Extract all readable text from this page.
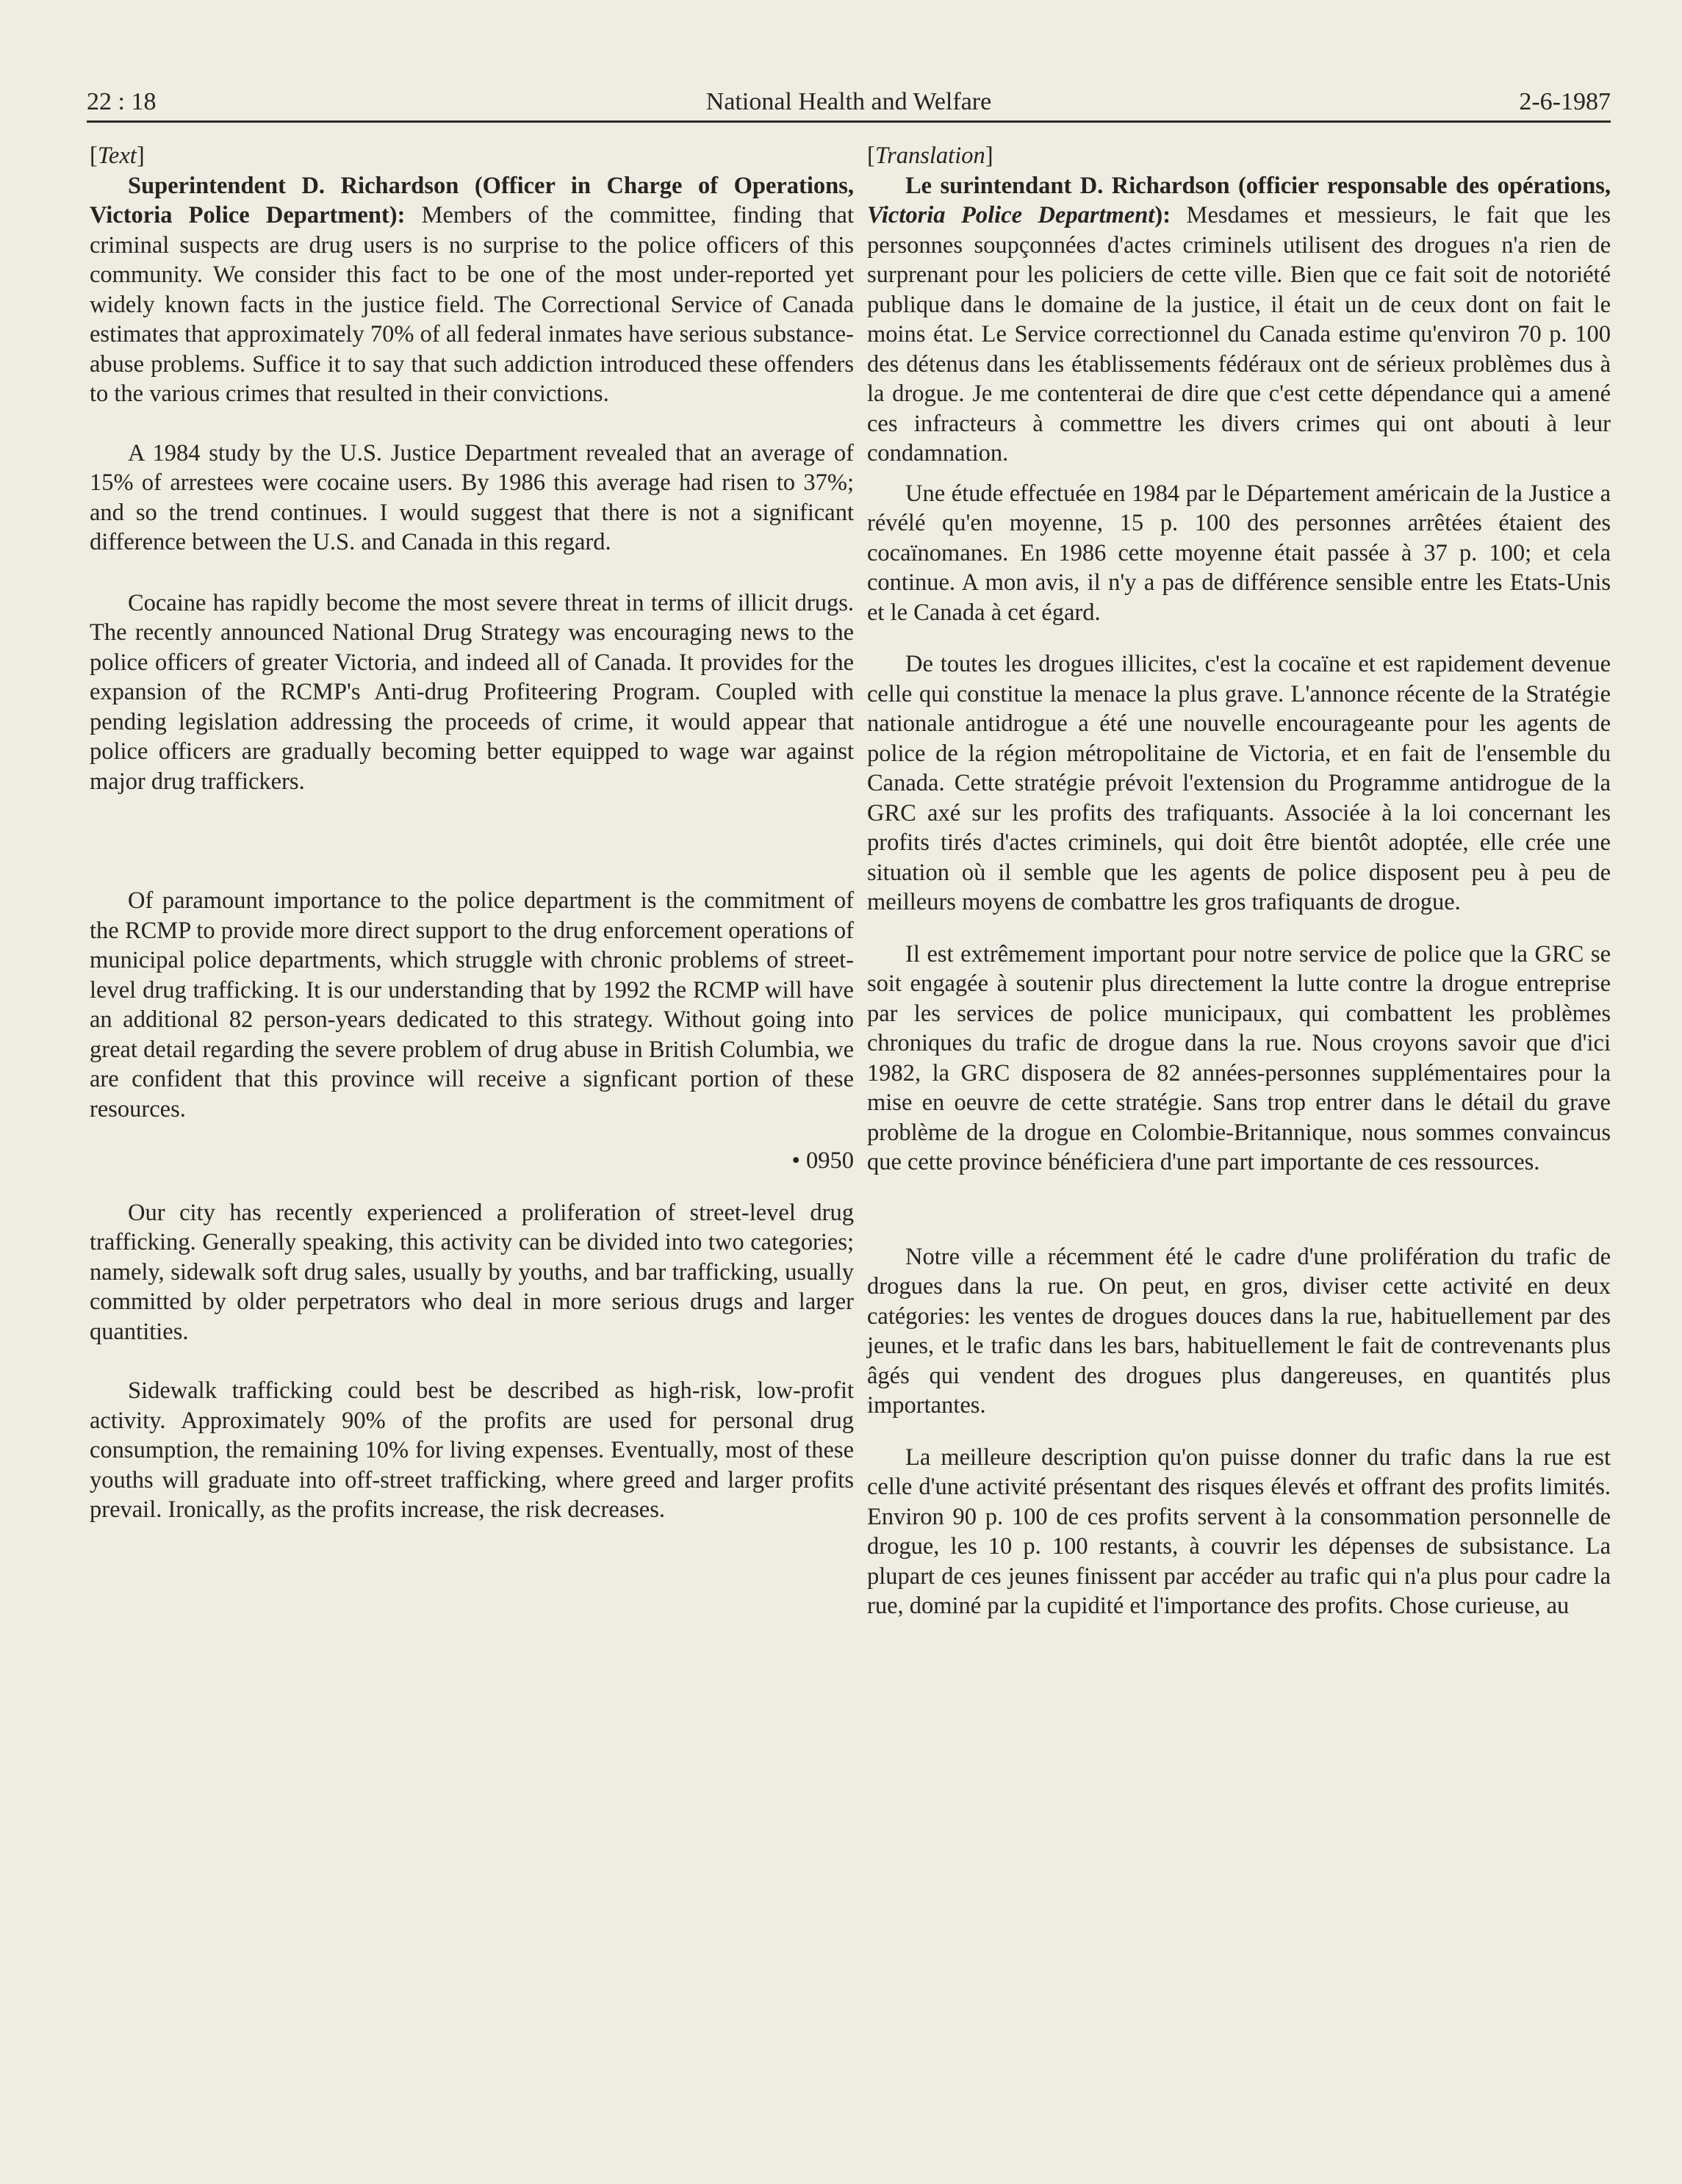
22 : 18	National Health and Welfare	2-6-1987

[Text]

Superintendent D. Richardson (Officer in Charge of Operations, Victoria Police Department): Members of the committee, finding that criminal suspects are drug users is no surprise to the police officers of this community. We consider this fact to be one of the most under-reported yet widely known facts in the justice field. The Correctional Service of Canada estimates that approximately 70% of all federal inmates have serious substance-abuse problems. Suffice it to say that such addiction introduced these offenders to the various crimes that resulted in their convictions.

A 1984 study by the U.S. Justice Department revealed that an average of 15% of arrestees were cocaine users. By 1986 this average had risen to 37%; and so the trend continues. I would suggest that there is not a significant difference between the U.S. and Canada in this regard.

Cocaine has rapidly become the most severe threat in terms of illicit drugs. The recently announced National Drug Strategy was encouraging news to the police officers of greater Victoria, and indeed all of Canada. It provides for the expansion of the RCMP's Anti-drug Profiteering Program. Coupled with pending legislation addressing the proceeds of crime, it would appear that police officers are gradually becoming better equipped to wage war against major drug traffickers.

Of paramount importance to the police department is the commitment of the RCMP to provide more direct support to the drug enforcement operations of municipal police departments, which struggle with chronic problems of street-level drug trafficking. It is our understanding that by 1992 the RCMP will have an additional 82 person-years dedicated to this strategy. Without going into great detail regarding the severe problem of drug abuse in British Columbia, we are confident that this province will receive a signficant portion of these resources.

• 0950

Our city has recently experienced a proliferation of street-level drug trafficking. Generally speaking, this activity can be divided into two categories; namely, sidewalk soft drug sales, usually by youths, and bar trafficking, usually committed by older perpetrators who deal in more serious drugs and larger quantities.

Sidewalk trafficking could best be described as high-risk, low-profit activity. Approximately 90% of the profits are used for personal drug consumption, the remaining 10% for living expenses. Eventually, most of these youths will graduate into off-street trafficking, where greed and larger profits prevail. Ironically, as the profits increase, the risk decreases.

[Translation]

Le surintendant D. Richardson (officier responsable des opérations, Victoria Police Department): Mesdames et messieurs, le fait que les personnes soupçonnées d'actes criminels utilisent des drogues n'a rien de surprenant pour les policiers de cette ville. Bien que ce fait soit de notoriété publique dans le domaine de la justice, il était un de ceux dont on fait le moins état. Le Service correctionnel du Canada estime qu'environ 70 p. 100 des détenus dans les établissements fédéraux ont de sérieux problèmes dus à la drogue. Je me contenterai de dire que c'est cette dépendance qui a amené ces infracteurs à commettre les divers crimes qui ont abouti à leur condamnation.

Une étude effectuée en 1984 par le Département américain de la Justice a révélé qu'en moyenne, 15 p. 100 des personnes arrêtées étaient des cocaïnomanes. En 1986 cette moyenne était passée à 37 p. 100; et cela continue. A mon avis, il n'y a pas de différence sensible entre les Etats-Unis et le Canada à cet égard.

De toutes les drogues illicites, c'est la cocaïne et est rapidement devenue celle qui constitue la menace la plus grave. L'annonce récente de la Stratégie nationale antidrogue a été une nouvelle encourageante pour les agents de police de la région métropolitaine de Victoria, et en fait de l'ensemble du Canada. Cette stratégie prévoit l'extension du Programme antidrogue de la GRC axé sur les profits des trafiquants. Associée à la loi concernant les profits tirés d'actes criminels, qui doit être bientôt adoptée, elle crée une situation où il semble que les agents de police disposent peu à peu de meilleurs moyens de combattre les gros trafiquants de drogue.

Il est extrêmement important pour notre service de police que la GRC se soit engagée à soutenir plus directement la lutte contre la drogue entreprise par les services de police municipaux, qui combattent les problèmes chroniques du trafic de drogue dans la rue. Nous croyons savoir que d'ici 1982, la GRC disposera de 82 années-personnes supplémentaires pour la mise en oeuvre de cette stratégie. Sans trop entrer dans le détail du grave problème de la drogue en Colombie-Britannique, nous sommes convaincus que cette province bénéficiera d'une part importante de ces ressources.

Notre ville a récemment été le cadre d'une prolifération du trafic de drogues dans la rue. On peut, en gros, diviser cette activité en deux catégories: les ventes de drogues douces dans la rue, habituellement par des jeunes, et le trafic dans les bars, habituellement le fait de contrevenants plus âgés qui vendent des drogues plus dangereuses, en quantités plus importantes.

La meilleure description qu'on puisse donner du trafic dans la rue est celle d'une activité présentant des risques élevés et offrant des profits limités. Environ 90 p. 100 de ces profits servent à la consommation personnelle de drogue, les 10 p. 100 restants, à couvrir les dépenses de subsistance. La plupart de ces jeunes finissent par accéder au trafic qui n'a plus pour cadre la rue, dominé par la cupidité et l'importance des profits. Chose curieuse, au
